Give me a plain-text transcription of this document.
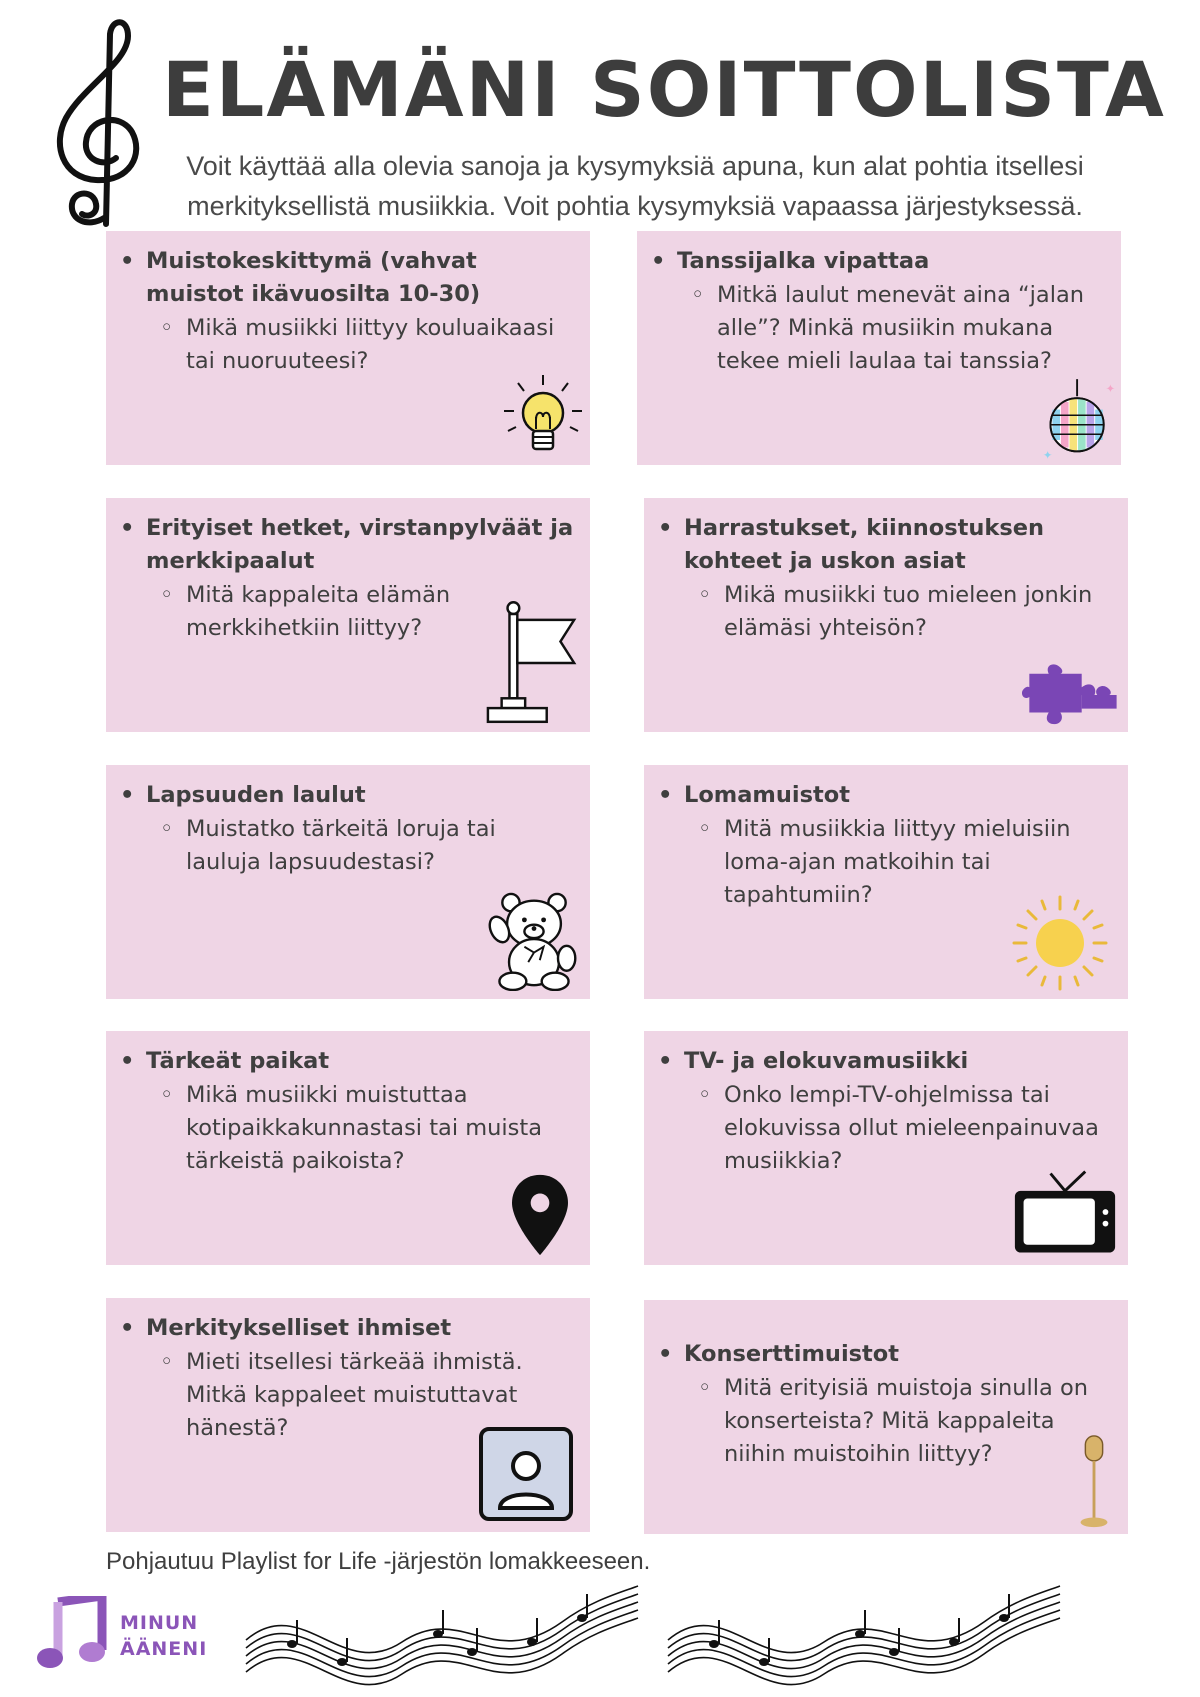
ELÄMÄNI SOITTOLISTA
Voit käyttää alla olevia sanoja ja kysymyksiä apuna, kun alat pohtia itsellesi merkityksellistä musiikkia. Voit pohtia kysymyksiä vapaassa järjestyksessä.
• Muistokeskittymä (vahvat muistot ikävuosilta 10-30)
◦ Mikä musiikki liittyy kouluaikaasi tai nuoruuteesi?
• Tanssijalka vipattaa
◦ Mitkä laulut menevät aina “jalan alle”? Minkä musiikin mukana tekee mieli laulaa tai tanssia?
✦
✦
• Erityiset hetket, virstanpylväät ja merkkipaalut
◦ Mitä kappaleita elämän merkkihetkiin liittyy?
• Harrastukset, kiinnostuksen kohteet ja uskon asiat
◦ Mikä musiikki tuo mieleen jonkin elämäsi yhteisön?
• Lapsuuden laulut
◦ Muistatko tärkeitä loruja tai lauluja lapsuudestasi?
• Lomamuistot
◦ Mitä musiikkia liittyy mieluisiin loma-ajan matkoihin tai tapahtumiin?
• Tärkeät paikat
◦ Mikä musiikki muistuttaa kotipaikkakunnastasi tai muista tärkeistä paikoista?
• TV- ja elokuvamusiikki
◦ Onko lempi-TV-ohjelmissa tai elokuvissa ollut mieleenpainuvaa musiikkia?
• Merkitykselliset ihmiset
◦ Mieti itsellesi tärkeää ihmistä. Mitkä kappaleet muistuttavat hänestä?
• Konserttimuistot
◦ Mitä erityisiä muistoja sinulla on konserteista? Mitä kappaleita niihin muistoihin liittyy?

Pohjautuu Playlist for Life -järjestön lomakkeeseen.

MINUN
ÄÄNENI
